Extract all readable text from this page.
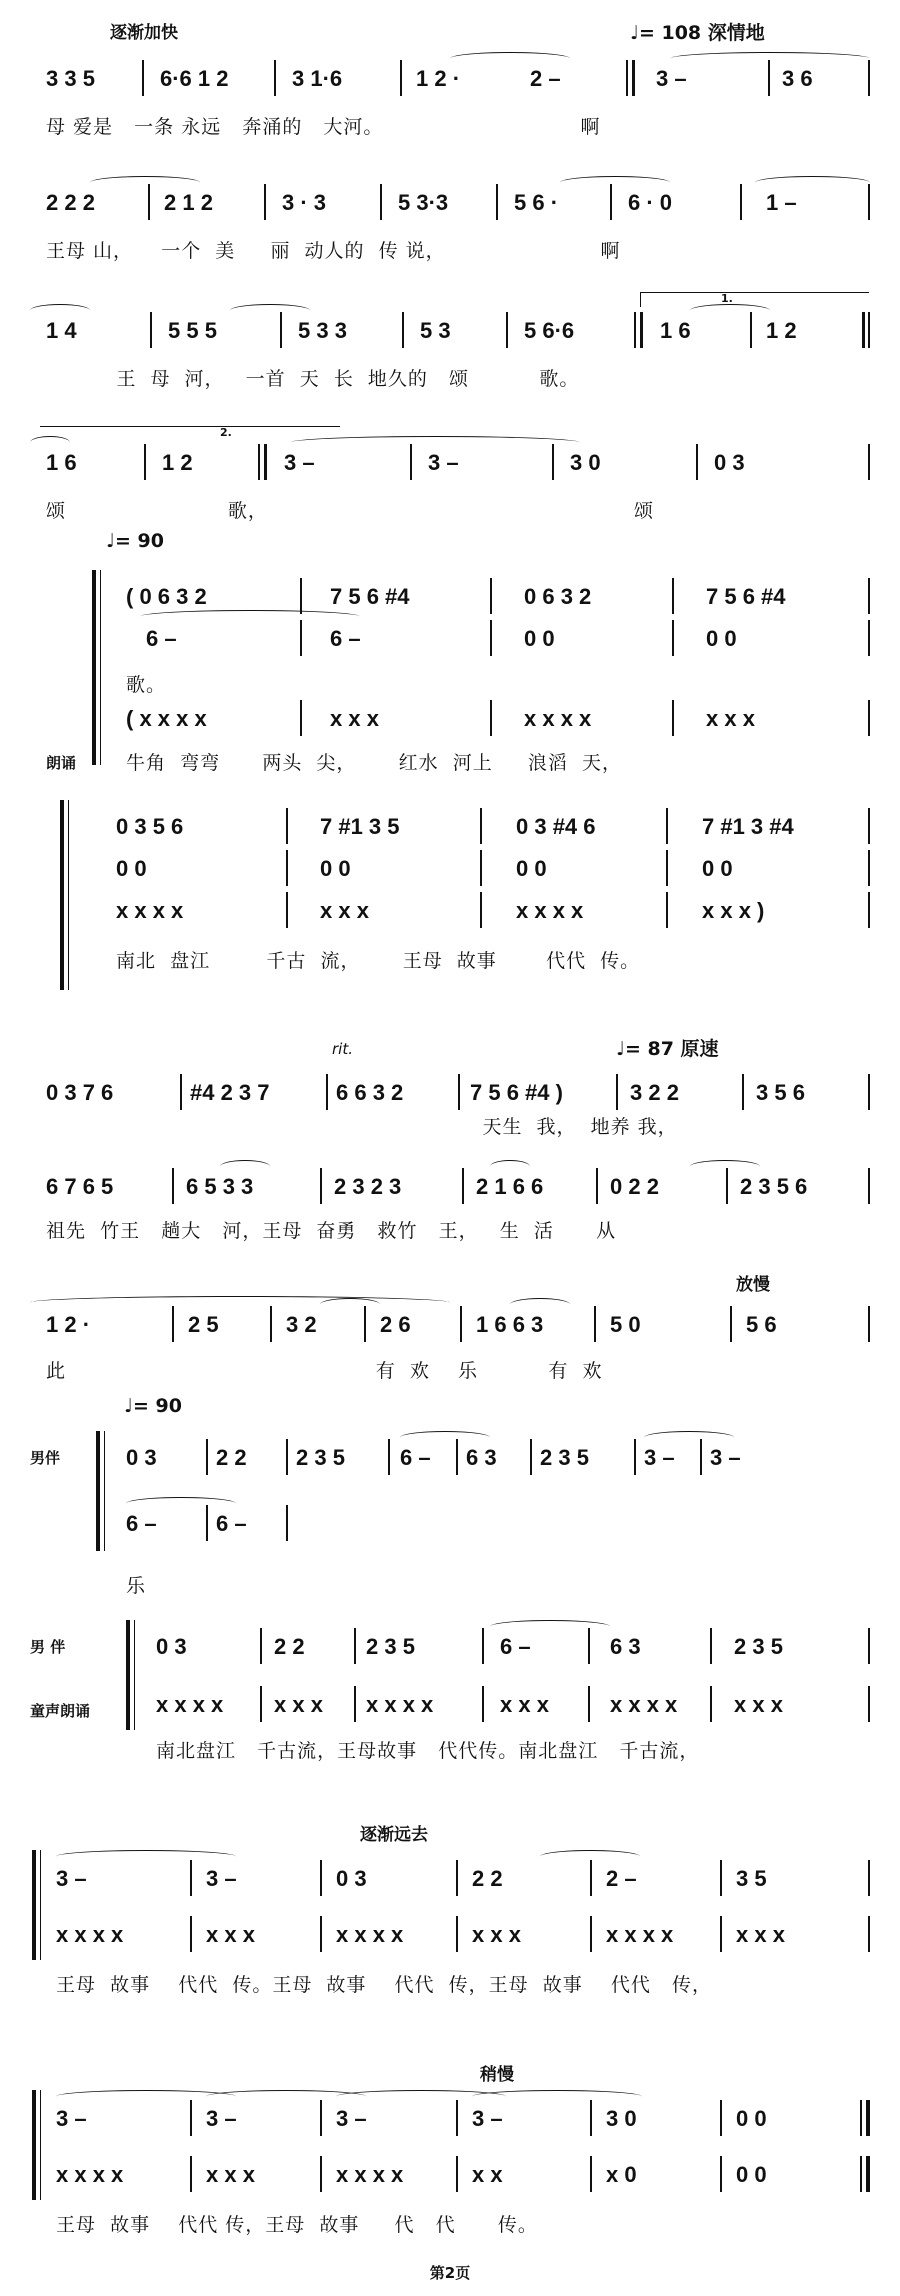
逐渐加快	♩= 108 深情地
3 3 5	6·6 1 2	3 1·6	1 2 ·	2 –	3 –	3 6
母 爱是   一条 永远   奔涌的   大河。                            啊
2 2 2	2 1 2	3 · 3	5 3·3	5 6 ·	6 · 0	1 –
王母 山，    一个  美     丽  动人的  传 说，                      啊
1.
1 4	5 5 5	5 3 3	5 3	5 6·6	1 6	1 2
王  母  河，   一首  天  长  地久的   颂          歌。
2.
1 6	1 2	3 –	3 –	3 0	0 3
颂                       歌，                                                    颂
♩= 90
( 0 6 3 2	7 5 6 #4	0 6 3 2	7 5 6 #4
6 –	6 –	0 0	0 0
歌。
( x x x x	x x x	x x x x	x x x
朗诵	牛角  弯弯      两头  尖，      红水  河上     浪滔  天，
0 3 5 6	7 #1 3 5	0 3 #4 6	7 #1 3 #4
0 0	0 0	0 0	0 0
x x x x	x x x	x x x x	x x x )
南北  盘江        千古  流，      王母  故事       代代  传。
rit.	♩= 87 原速
0 3 7 6	#4 2 3 7	6 6 3 2	7 5 6 #4 )	3 2 2	3 5 6
天生  我，  地养 我，
6 7 6 5	6 5 3 3	2 3 2 3	2 1 6 6	0 2 2	2 3 5 6
祖先  竹王   趟大   河，王母  奋勇   救竹   王，   生  活      从
放慢
1 2 ·	2 5	3 2	2 6	1 6 6 3	5 0	5 6
此                                            有  欢    乐          有  欢
♩= 90
男伴	0 3	2 2 2 3 5	6 – 6 3 2 3 5	3 – 3 –
6 –	6 –
乐
男 伴
童声朗诵
0 3	2 2	2 3 5	6 –	6 3	2 3 5
x x x x x x x x x x x	x x x	x x x x	x x x
南北盘江   千古流，王母故事   代代传。南北盘江   千古流，
逐渐远去
3 –	3 –	0 3	2 2	2 –	3 5
x x x x	x x x	x x x x	x x x	x x x x	x x x
王母  故事    代代  传。王母  故事    代代  传，王母  故事    代代   传，
稍慢
3 –	3 –	3 –	3 –	3 0	0 0
x x x x	x x x	x x x x	x x	x 0	0 0
王母  故事    代代 传，王母  故事     代   代      传。
第2页
